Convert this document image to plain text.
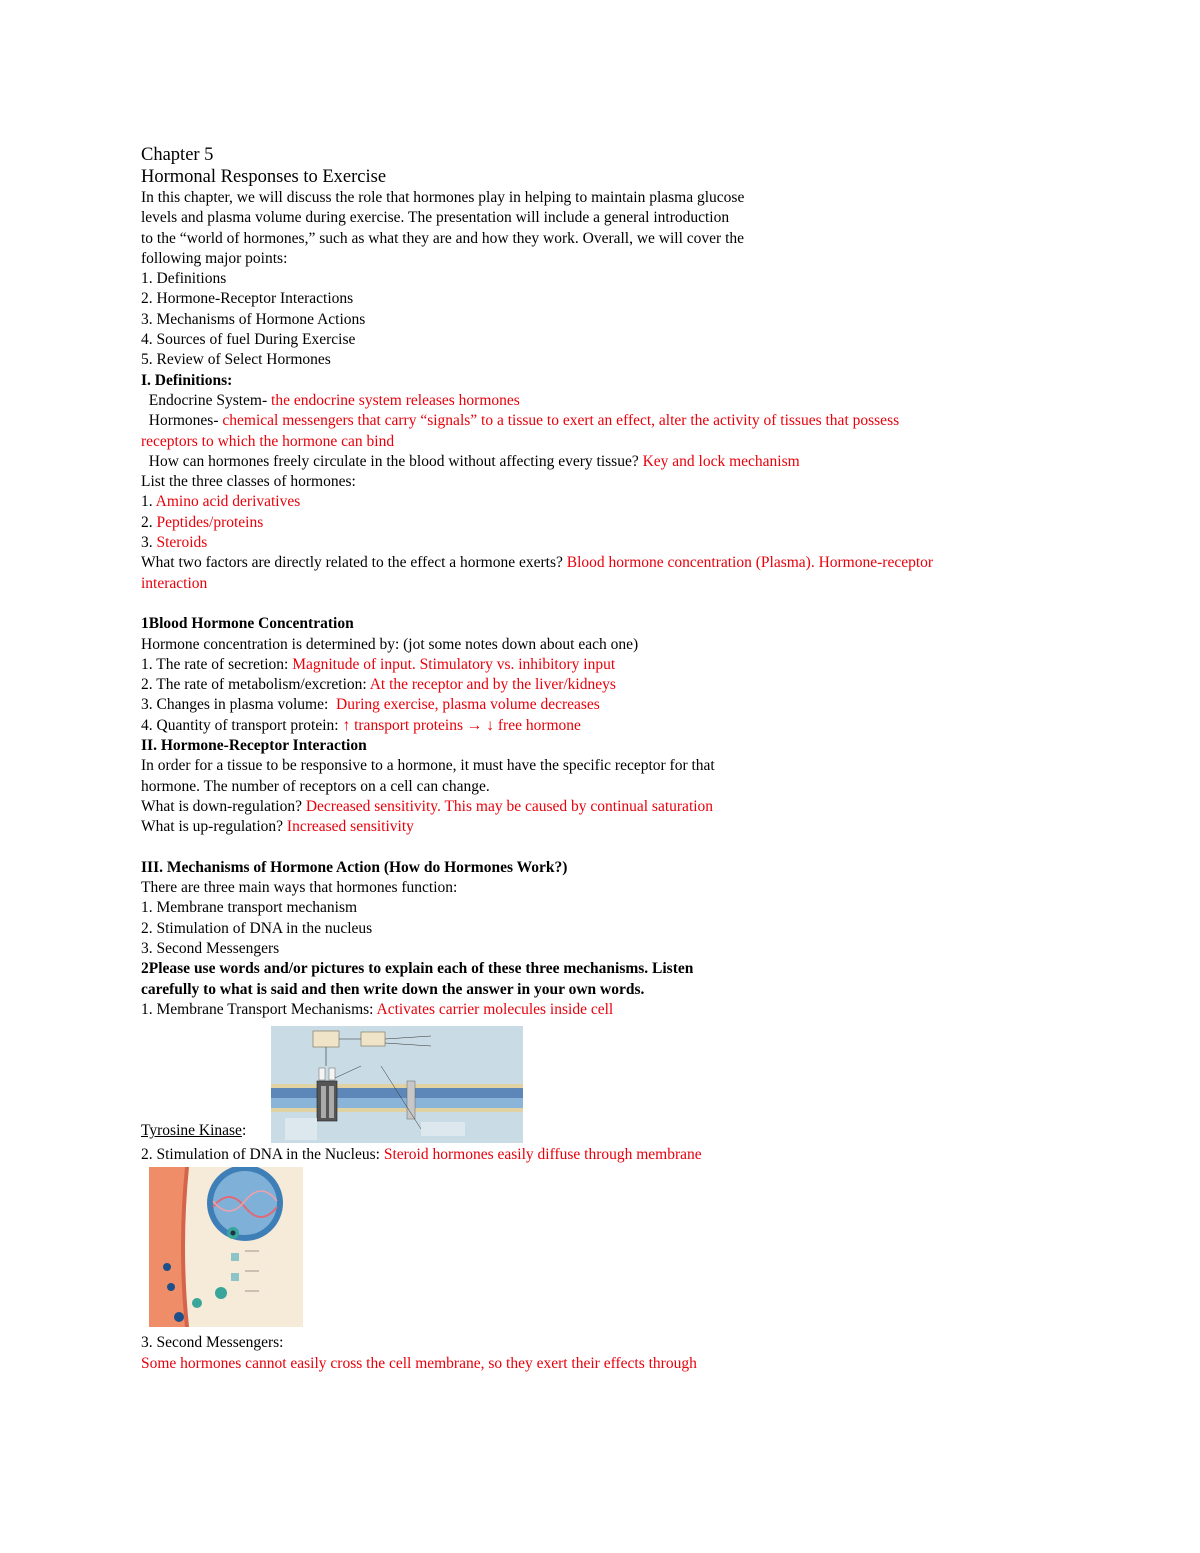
Chapter 5
Hormonal Responses to Exercise
In this chapter, we will discuss the role that hormones play in helping to maintain plasma glucose
levels and plasma volume during exercise. The presentation will include a general introduction
to the “world of hormones,” such as what they are and how they work. Overall, we will cover the
following major points:
1. Definitions
2. Hormone-Receptor Interactions
3. Mechanisms of Hormone Actions
4. Sources of fuel During Exercise
5. Review of Select Hormones
I. Definitions:
Endocrine System- the endocrine system releases hormones
Hormones- chemical messengers that carry “signals” to a tissue to exert an effect, alter the activity of tissues that possess
receptors to which the hormone can bind
How can hormones freely circulate in the blood without affecting every tissue? Key and lock mechanism
List the three classes of hormones:
1. Amino acid derivatives
2. Peptides/proteins
3. Steroids
What two factors are directly related to the effect a hormone exerts? Blood hormone concentration (Plasma). Hormone-receptor
interaction
1Blood Hormone Concentration
Hormone concentration is determined by: (jot some notes down about each one)
1. The rate of secretion: Magnitude of input. Stimulatory vs. inhibitory input
2. The rate of metabolism/excretion: At the receptor and by the liver/kidneys
3. Changes in plasma volume:  During exercise, plasma volume decreases
4. Quantity of transport protein: ↑ transport proteins → ↓ free hormone
II. Hormone-Receptor Interaction
In order for a tissue to be responsive to a hormone, it must have the specific receptor for that
hormone. The number of receptors on a cell can change.
What is down-regulation? Decreased sensitivity. This may be caused by continual saturation
What is up-regulation? Increased sensitivity
III. Mechanisms of Hormone Action (How do Hormones Work?)
There are three main ways that hormones function:
1. Membrane transport mechanism
2. Stimulation of DNA in the nucleus
3. Second Messengers
2Please use words and/or pictures to explain each of these three mechanisms. Listen
carefully to what is said and then write down the answer in your own words.
1. Membrane Transport Mechanisms: Activates carrier molecules inside cell
Tyrosine Kinase:
2. Stimulation of DNA in the Nucleus: Steroid hormones easily diffuse through membrane
3. Second Messengers:
Some hormones cannot easily cross the cell membrane, so they exert their effects through
